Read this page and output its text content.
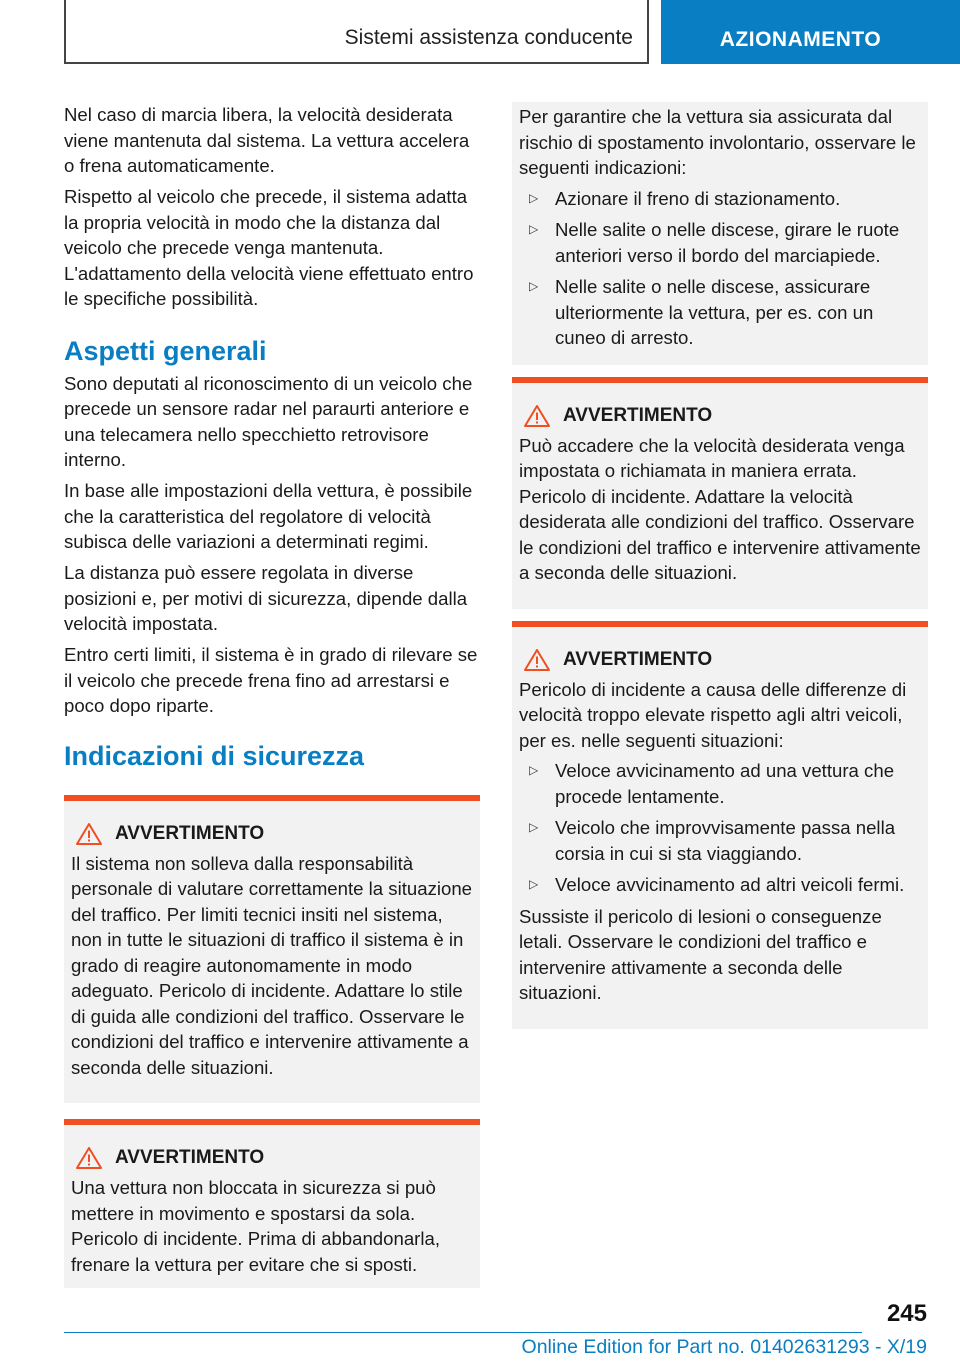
Sistemi assistenza conducente	AZIONAMENTO

Nel caso di marcia libera, la velocità desiderata viene mantenuta dal sistema. La vettura accelera o frena automaticamente.

Rispetto al veicolo che precede, il sistema adatta la propria velocità in modo che la distanza dal veicolo che precede venga mantenuta. L'adattamento della velocità viene effettuato entro le specifiche possibilità.

Aspetti generali

Sono deputati al riconoscimento di un veicolo che precede un sensore radar nel paraurti anteriore e una telecamera nello specchietto retrovisore interno.

In base alle impostazioni della vettura, è possibile che la caratteristica del regolatore di velocità subisca delle variazioni a determinati regimi.

La distanza può essere regolata in diverse posizioni e, per motivi di sicurezza, dipende dalla velocità impostata.

Entro certi limiti, il sistema è in grado di rilevare se il veicolo che precede frena fino ad arrestarsi e poco dopo riparte.

Indicazioni di sicurezza
AVVERTIMENTO

Il sistema non solleva dalla responsabilità personale di valutare correttamente la situazione del traffico. Per limiti tecnici insiti nel sistema, non in tutte le situazioni di traffico il sistema è in grado di reagire autonomamente in modo adeguato. Pericolo di incidente. Adattare lo stile di guida alle condizioni del traffico. Osservare le condizioni del traffico e intervenire attivamente a seconda delle situazioni.

AVVERTIMENTO

Una vettura non bloccata in sicurezza si può mettere in movimento e spostarsi da sola. Pericolo di incidente. Prima di abbandonarla, frenare la vettura per evitare che si sposti.

Per garantire che la vettura sia assicurata dal rischio di spostamento involontario, osservare le seguenti indicazioni:

▷ Azionare il freno di stazionamento.
▷ Nelle salite o nelle discese, girare le ruote anteriori verso il bordo del marciapiede.
▷ Nelle salite o nelle discese, assicurare ulteriormente la vettura, per es. con un cuneo di arresto.
AVVERTIMENTO

Può accadere che la velocità desiderata venga impostata o richiamata in maniera errata. Pericolo di incidente. Adattare la velocità desiderata alle condizioni del traffico. Osservare le condizioni del traffico e intervenire attivamente a seconda delle situazioni.

AVVERTIMENTO

Pericolo di incidente a causa delle differenze di velocità troppo elevate rispetto agli altri veicoli, per es. nelle seguenti situazioni:

▷ Veloce avvicinamento ad una vettura che procede lentamente.
▷ Veicolo che improvvisamente passa nella corsia in cui si sta viaggiando.
▷ Veloce avvicinamento ad altri veicoli fermi.

Sussiste il pericolo di lesioni o conseguenze letali. Osservare le condizioni del traffico e intervenire attivamente a seconda delle situazioni.

245
Online Edition for Part no. 01402631293 - X/19
